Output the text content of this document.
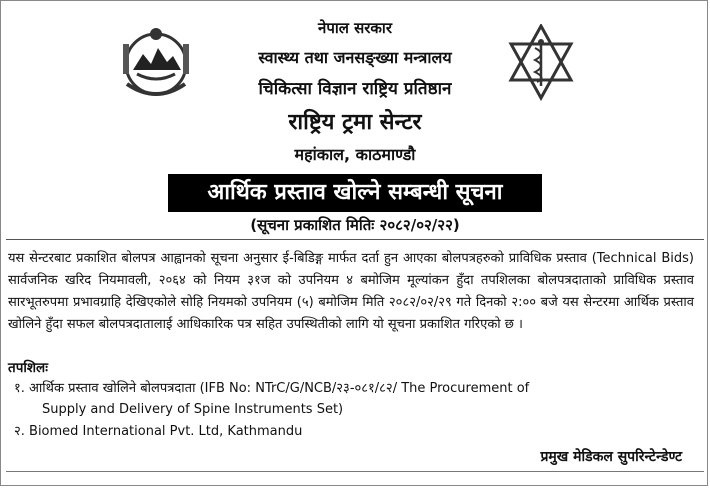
नेपाल सरकार
स्वास्थ्य तथा जनसङ्ख्या मन्त्रालय
चिकित्सा विज्ञान राष्ट्रिय प्रतिष्ठान
राष्ट्रिय ट्रमा सेन्टर
महांकाल, काठमाण्डौ
आर्थिक प्रस्ताव खोल्ने सम्बन्धी सूचना
(सूचना प्रकाशित मितिः २०८२/०२/२२)

यस सेन्टरबाट प्रकाशित बोलपत्र आह्वानको सूचना अनुसार ई-बिडिङ्ग मार्फत दर्ता हुन आएका बोलपत्रहरुको प्राविधिक प्रस्ताव (Technical Bids) सार्वजनिक खरिद नियमावली, २०६४ को नियम ३१ज को उपनियम ४ बमोजिम मूल्यांकन हुँदा तपशिलका बोलपत्रदाताको प्राविधिक प्रस्ताव सारभूतरुपमा प्रभावग्राहि देखिएकोले सोहि नियमको उपनियम (५) बमोजिम मिति २०८२/०२/२९ गते दिनको २:०० बजे यस सेन्टरमा आर्थिक प्रस्ताव खोलिने हुँदा सफल बोलपत्रदातालाई आधिकारिक पत्र सहित उपस्थितीको लागि यो सूचना प्रकाशित गरिएको छ ।

तपशिलः
१. आर्थिक प्रस्ताव खोलिने बोलपत्रदाता (IFB No: NTrC/G/NCB/२३-०८१/८२/ The Procurement of
Supply and Delivery of Spine Instruments Set)
२. Biomed International Pvt. Ltd, Kathmandu
प्रमुख मेडिकल सुपरिन्टेन्डेण्ट
